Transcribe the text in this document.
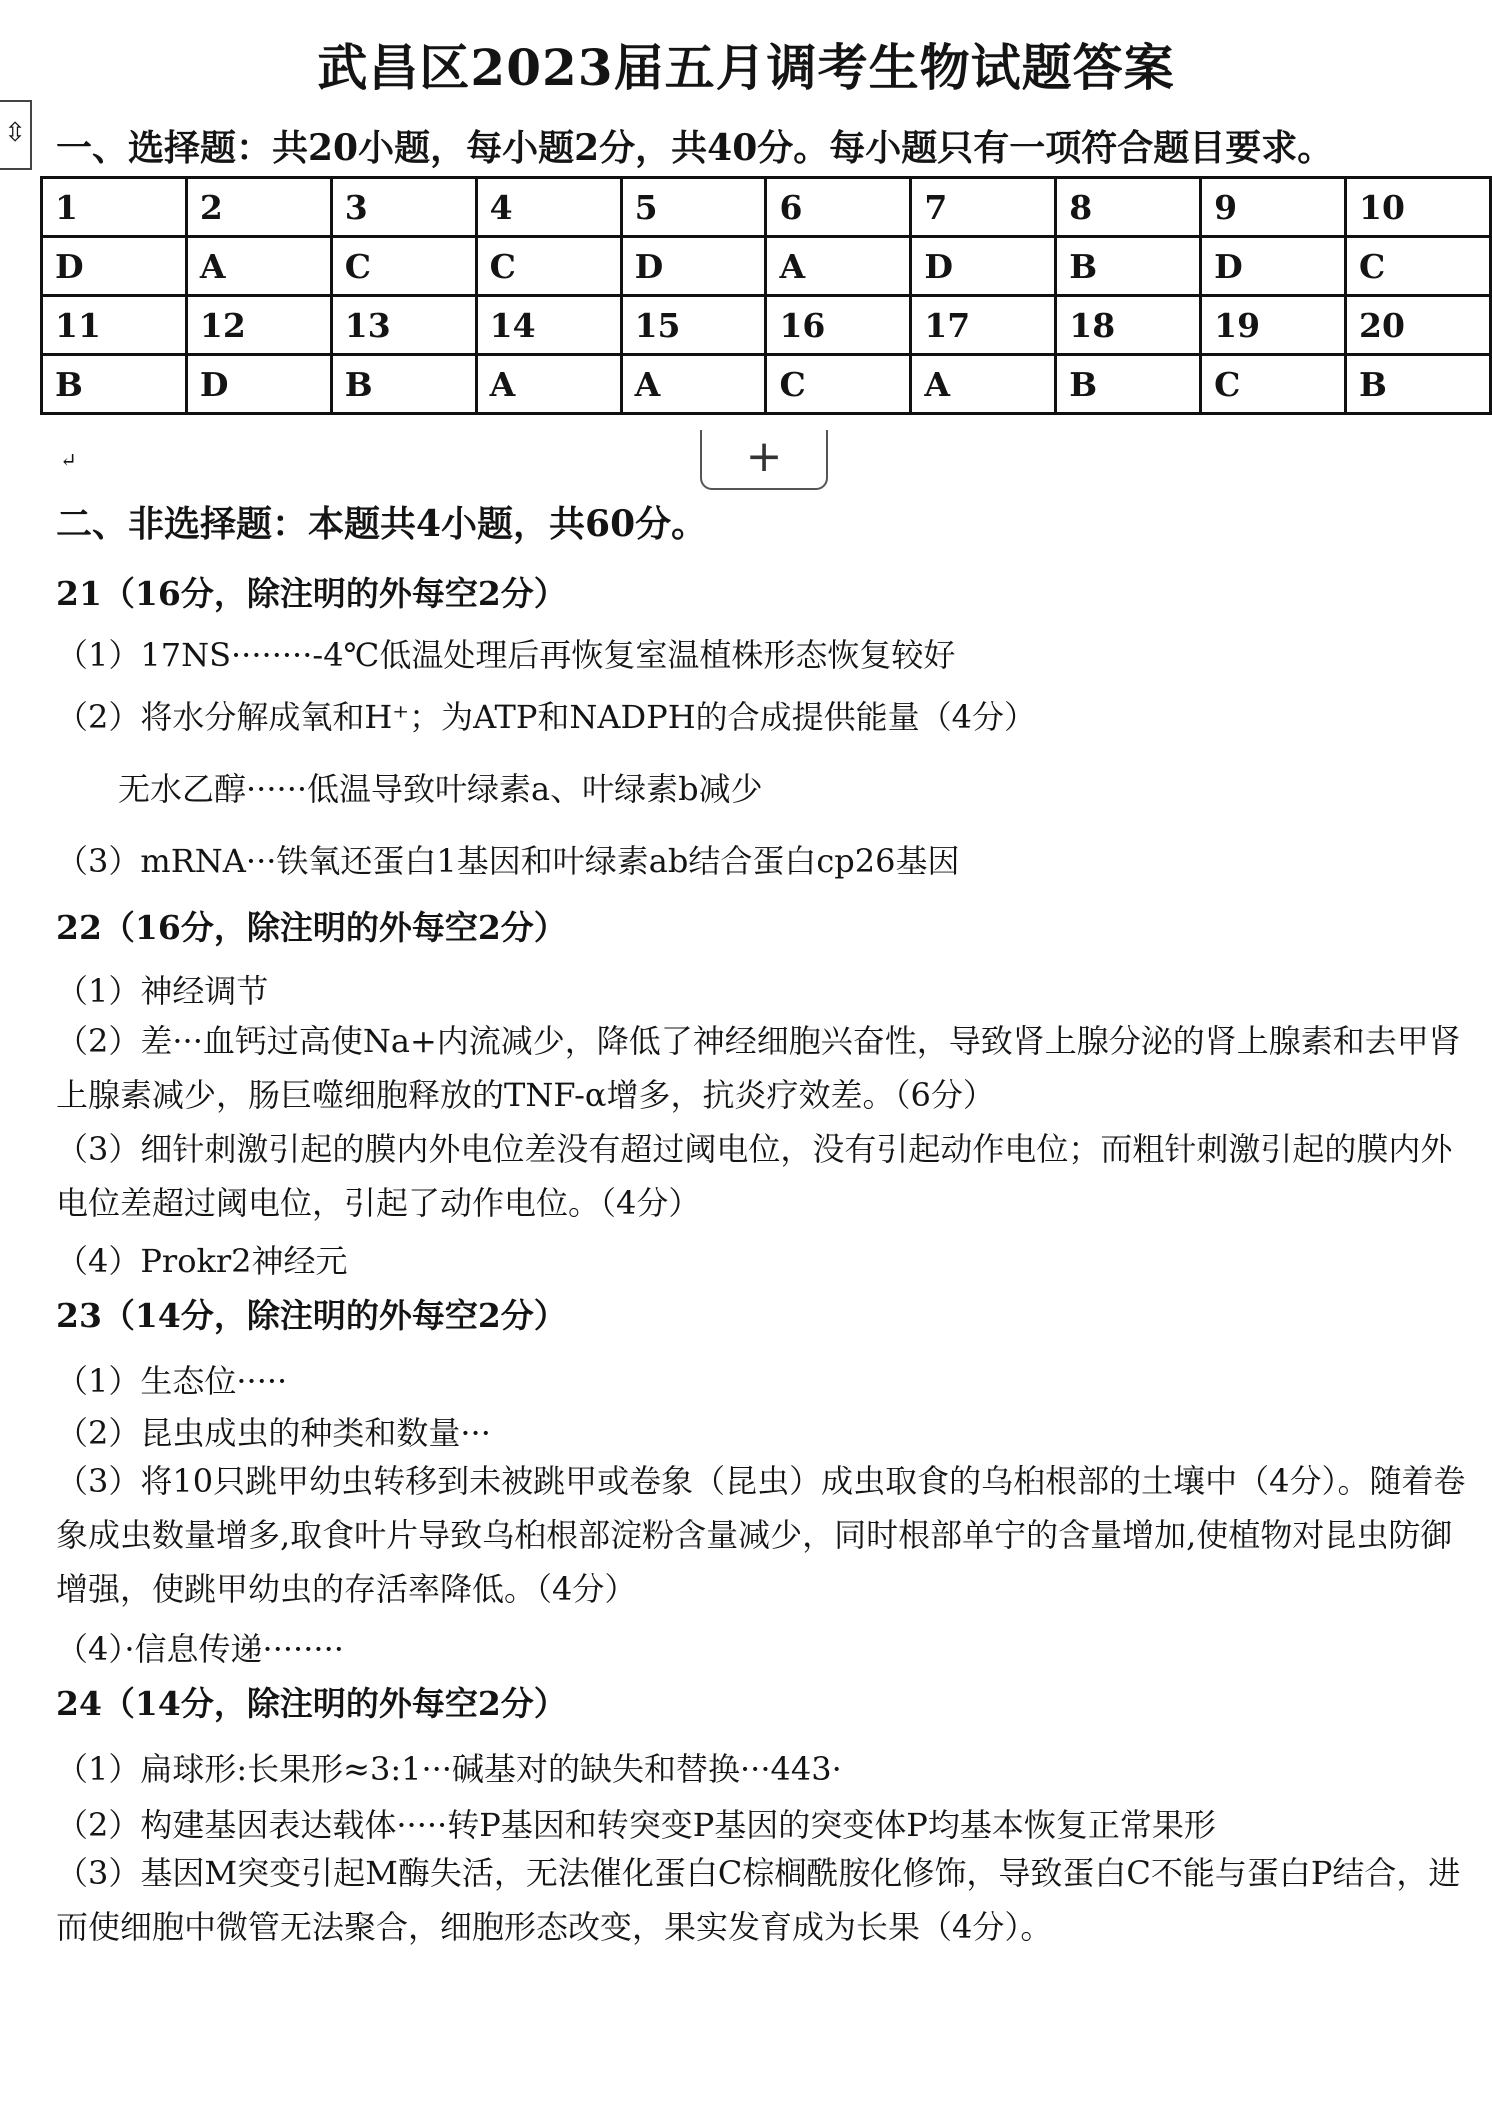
武昌区2023届五月调考生物试题答案
⇳ 一、选择题：共20小题，每小题2分，共40分。每小题只有一项符合题目要求。
1	2	3	4	5	6	7	8	9	10
D	A	C	C	D	A	D	B	D	C
11	12	13	14	15	16	17	18	19	20
B	D	B	A	A	C	A	B	C	B
+
↵
二、非选择题：本题共4小题，共60分。
21（16分，除注明的外每空2分）
（1）17NS········-4℃低温处理后再恢复室温植株形态恢复较好
（2）将水分解成氧和H⁺；为ATP和NADPH的合成提供能量（4分）
无水乙醇······低温导致叶绿素a、叶绿素b减少
（3）mRNA···铁氧还蛋白1基因和叶绿素ab结合蛋白cp26基因
22（16分，除注明的外每空2分）
（1）神经调节
（2）差···血钙过高使Na+内流减少，降低了神经细胞兴奋性，导致肾上腺分泌的肾上腺素和去甲肾上腺素减少，肠巨噬细胞释放的TNF-α增多，抗炎疗效差。（6分）
（3）细针刺激引起的膜内外电位差没有超过阈电位，没有引起动作电位；而粗针刺激引起的膜内外电位差超过阈电位，引起了动作电位。（4分）
（4）Prokr2神经元
23（14分，除注明的外每空2分）
（1）生态位·····
（2）昆虫成虫的种类和数量···
（3）将10只跳甲幼虫转移到未被跳甲或卷象（昆虫）成虫取食的乌桕根部的土壤中（4分）。随着卷象成虫数量增多,取食叶片导致乌桕根部淀粉含量减少，同时根部单宁的含量增加,使植物对昆虫防御增强，使跳甲幼虫的存活率降低。（4分）
（4）·信息传递········
24（14分，除注明的外每空2分）
（1）扁球形:长果形≈3:1···碱基对的缺失和替换···443·
（2）构建基因表达载体·····转P基因和转突变P基因的突变体P均基本恢复正常果形
（3）基因M突变引起M酶失活，无法催化蛋白C棕榈酰胺化修饰，导致蛋白C不能与蛋白P结合，进而使细胞中微管无法聚合，细胞形态改变，果实发育成为长果（4分）。
